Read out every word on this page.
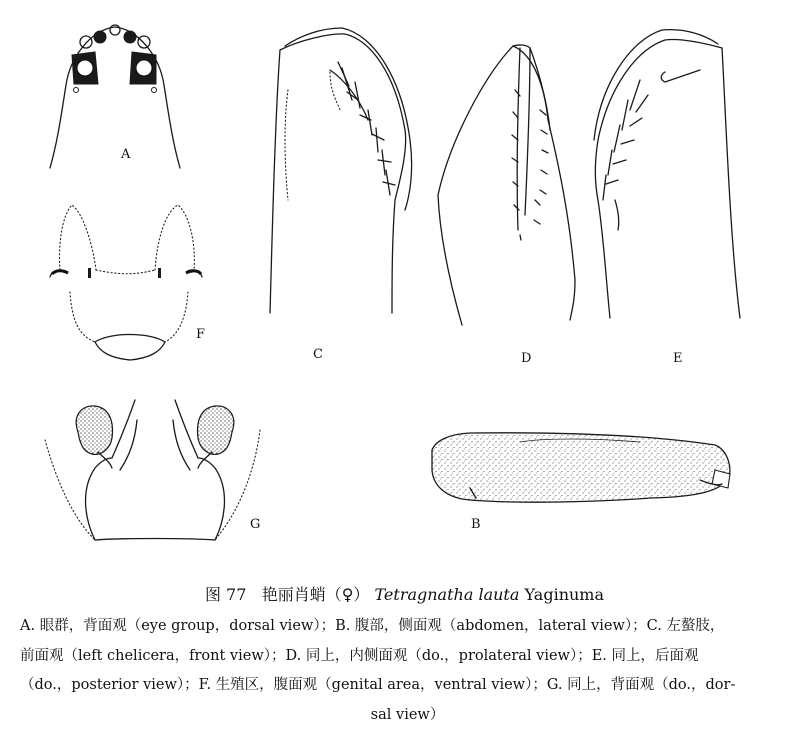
A
F
C	D	E
G	B
图 77 艳丽肖蛸（♀） Tetragnatha lauta Yaginuma
A. 眼群，背面观（eye group，dorsal view）；B. 腹部，侧面观（abdomen，lateral view）；C. 左螯肢，
前面观（left chelicera，front view）；D. 同上，内侧面观（do.，prolateral view）；E. 同上，后面观
（do.，posterior view）；F. 生殖区，腹面观（genital area，ventral view）；G. 同上，背面观（do.，dor-

sal view）
